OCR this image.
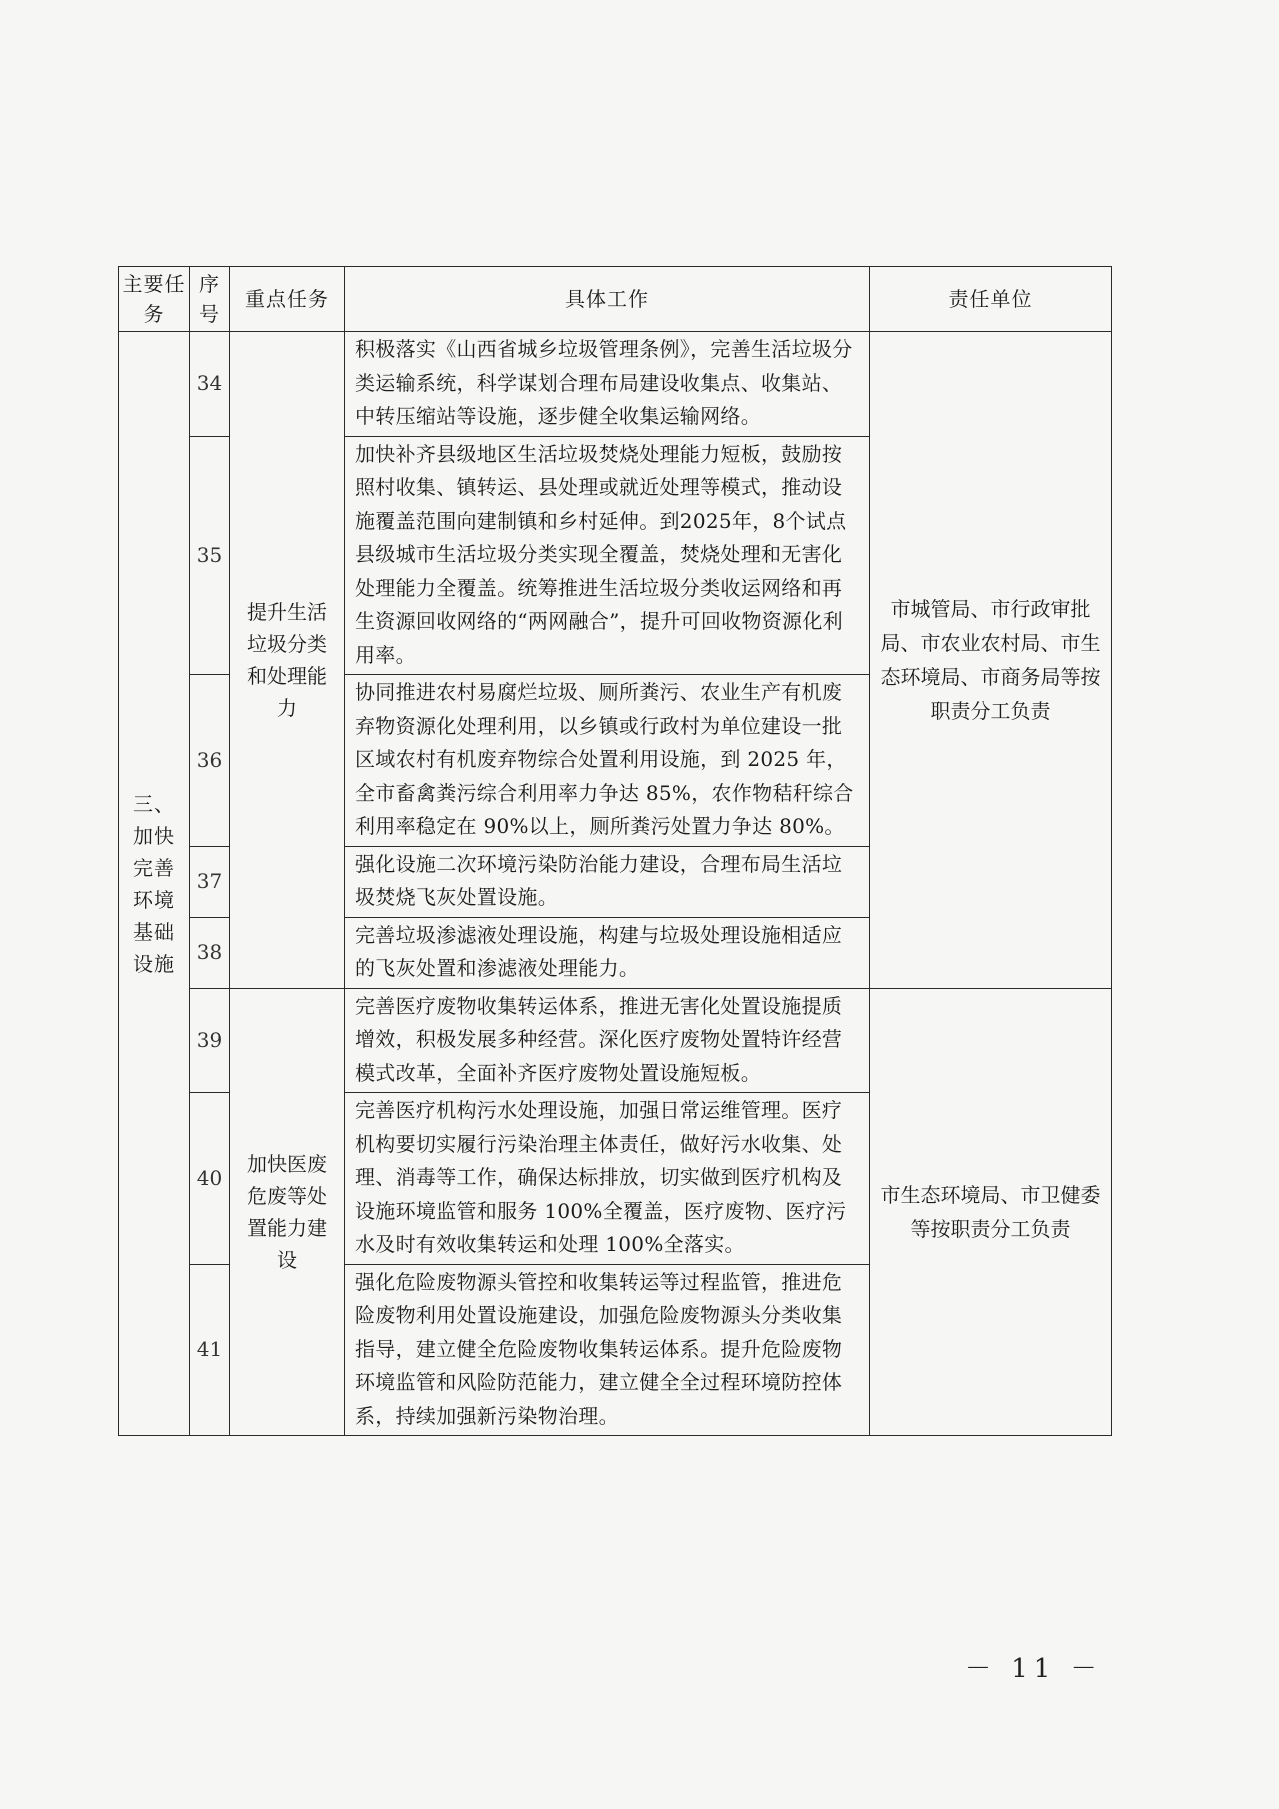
主要任务	序号	重点任务	具体工作	责任单位
三、加快完善环境基础设施	34	提升生活垃圾分类和处理能力	积极落实《山西省城乡垃圾管理条例》，完善生活垃圾分类运输系统，科学谋划合理布局建设收集点、收集站、中转压缩站等设施，逐步健全收集运输网络。	市城管局、市行政审批局、市农业农村局、市生态环境局、市商务局等按职责分工负责
	35		加快补齐县级地区生活垃圾焚烧处理能力短板，鼓励按照村收集、镇转运、县处理或就近处理等模式，推动设施覆盖范围向建制镇和乡村延伸。到2025年，8个试点县级城市生活垃圾分类实现全覆盖，焚烧处理和无害化处理能力全覆盖。统筹推进生活垃圾分类收运网络和再生资源回收网络的“两网融合”，提升可回收物资源化利用率。	
	36		协同推进农村易腐烂垃圾、厕所粪污、农业生产有机废弃物资源化处理利用，以乡镇或行政村为单位建设一批区域农村有机废弃物综合处置利用设施，到 2025 年，全市畜禽粪污综合利用率力争达 85%，农作物秸秆综合利用率稳定在 90%以上，厕所粪污处置力争达 80%。	
	37		强化设施二次环境污染防治能力建设，合理布局生活垃圾焚烧飞灰处置设施。	
	38		完善垃圾渗滤液处理设施，构建与垃圾处理设施相适应的飞灰处置和渗滤液处理能力。	
	39	加快医废危废等处置能力建设	完善医疗废物收集转运体系，推进无害化处置设施提质增效，积极发展多种经营。深化医疗废物处置特许经营模式改革，全面补齐医疗废物处置设施短板。	市生态环境局、市卫健委等按职责分工负责
	40		完善医疗机构污水处理设施，加强日常运维管理。医疗机构要切实履行污染治理主体责任，做好污水收集、处理、消毒等工作，确保达标排放，切实做到医疗机构及设施环境监管和服务 100%全覆盖，医疗废物、医疗污水及时有效收集转运和处理 100%全落实。	
	41		强化危险废物源头管控和收集转运等过程监管，推进危险废物利用处置设施建设，加强危险废物源头分类收集指导，建立健全危险废物收集转运体系。提升危险废物环境监管和风险防范能力，建立健全全过程环境防控体系，持续加强新污染物治理。	
－ 11 －
